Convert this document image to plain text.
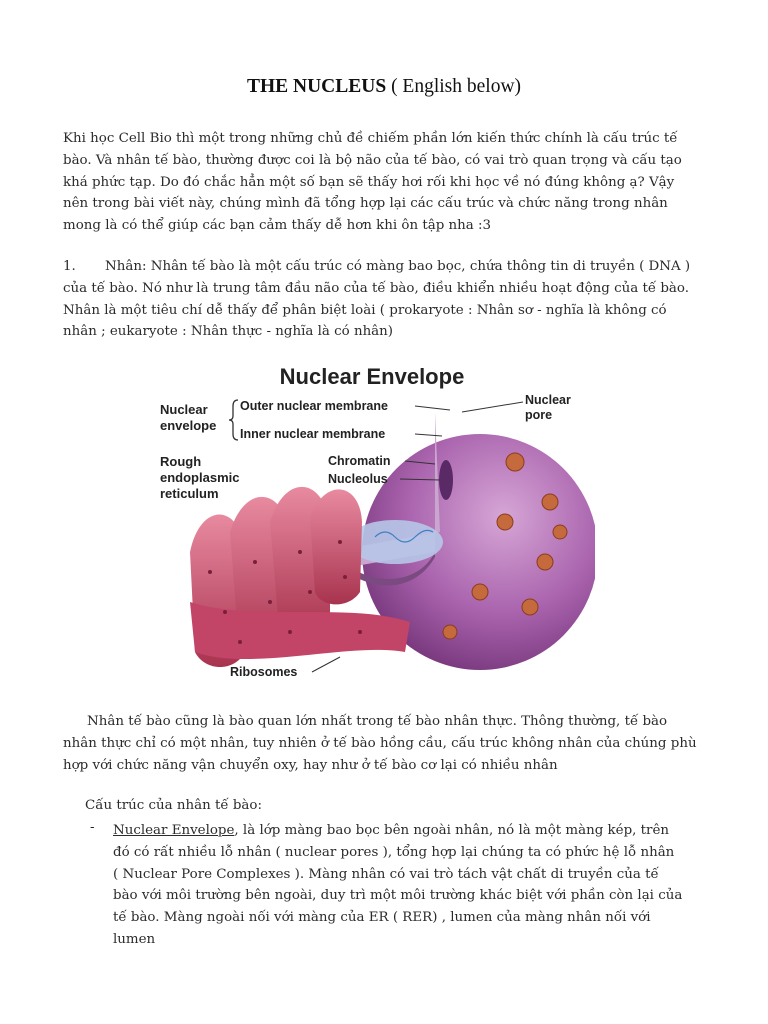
THE NUCLEUS ( English below)
Khi học Cell Bio thì một trong những chủ đề chiếm phần lớn kiến thức chính là cấu trúc tế bào. Và nhân tế bào, thường được coi là bộ não của tế bào, có vai trò quan trọng và cấu tạo khá phức tạp. Do đó chắc hẳn một số bạn sẽ thấy hơi rối khi học về nó đúng không ạ? Vậy nên trong bài viết này, chúng mình đã tổng hợp lại các cấu trúc và chức năng trong nhân mong là có thể giúp các bạn cảm thấy dễ hơn khi ôn tập nha :3
1. Nhân: Nhân tế bào là một cấu trúc có màng bao bọc, chứa thông tin di truyền ( DNA ) của tế bào. Nó như là trung tâm đầu não của tế bào, điều khiển nhiều hoạt động của tế bào. Nhân là một tiêu chí dễ thấy để phân biệt loài ( prokaryote : Nhân sơ - nghĩa là không có nhân ; eukaryote : Nhân thực - nghĩa là có nhân)
Nuclear Envelope
Nuclear
envelope
Outer nuclear membrane
Inner nuclear membrane
Nuclear
pore
Rough
endoplasmic
reticulum
Chromatin
Nucleolus
Ribosomes
Nhân tế bào cũng là bào quan lớn nhất trong tế bào nhân thực. Thông thường, tế bào nhân thực chỉ có một nhân, tuy nhiên ở tế bào hồng cầu, cấu trúc không nhân của chúng phù hợp với chức năng vận chuyển oxy, hay như ở tế bào cơ lại có nhiều nhân
Cấu trúc của nhân tế bào:
- Nuclear Envelope, là lớp màng bao bọc bên ngoài nhân, nó là một màng kép, trên đó có rất nhiều lỗ nhân ( nuclear pores ), tổng hợp lại chúng ta có phức hệ lỗ nhân ( Nuclear Pore Complexes ). Màng nhân có vai trò tách vật chất di truyền của tế bào với môi trường bên ngoài, duy trì một môi trường khác biệt với phần còn lại của tế bào. Màng ngoài nối với màng của ER ( RER) , lumen của màng nhân nối với lumen
